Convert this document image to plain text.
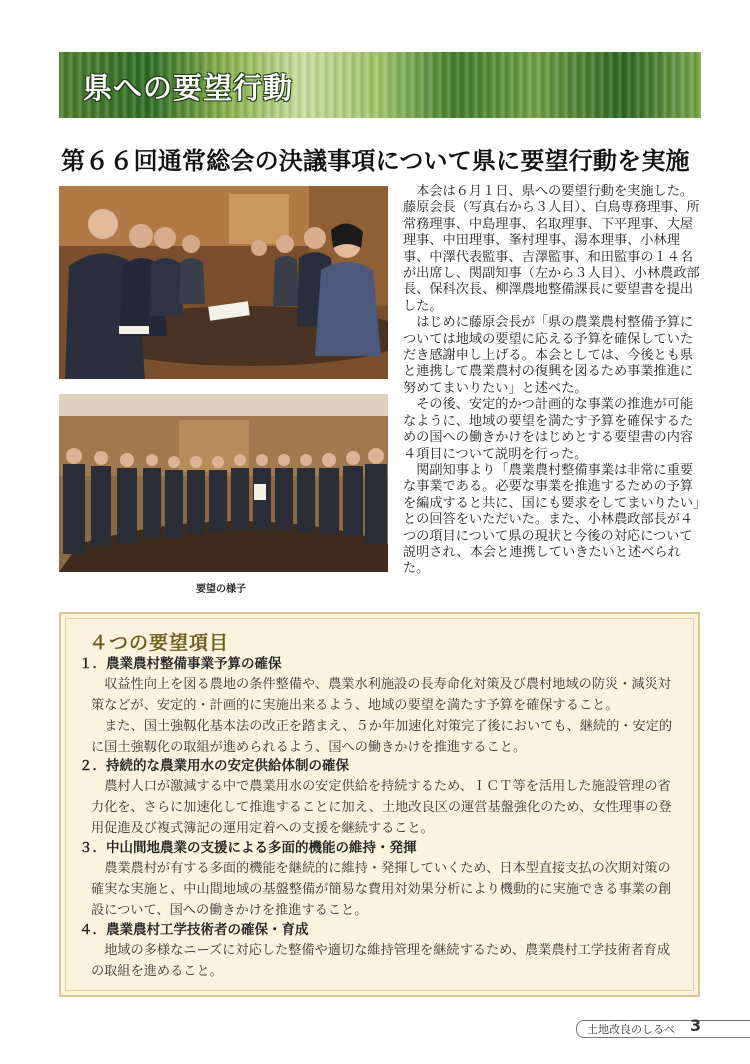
県への要望行動
第６６回通常総会の決議事項について県に要望行動を実施
要望の様子

本会は６月１日、県への要望行動を実施した。藤原会長（写真右から３人目）、白鳥専務理事、所常務理事、中島理事、名取理事、下平理事、大屋理事、中田理事、峯村理事、湯本理事、小林理事、中澤代表監事、吉澤監事、和田監事の１４名が出席し、関副知事（左から３人目）、小林農政部長、保科次長、柳澤農地整備課長に要望書を提出した。

はじめに藤原会長が「県の農業農村整備予算については地域の要望に応える予算を確保していただき感謝申し上げる。本会としては、今後とも県と連携して農業農村の復興を図るため事業推進に努めてまいりたい」と述べた。

その後、安定的かつ計画的な事業の推進が可能なように、地域の要望を満たす予算を確保するための国への働きかけをはじめとする要望書の内容４項目について説明を行った。

関副知事より「農業農村整備事業は非常に重要な事業である。必要な事業を推進するための予算を編成すると共に、国にも要求をしてまいりたい」との回答をいただいた。また、小林農政部長が４つの項目について県の現状と今後の対応について説明され、本会と連携していきたいと述べられた。

４つの要望項目
１．農業農村整備事業予算の確保
収益性向上を図る農地の条件整備や、農業水利施設の長寿命化対策及び農村地域の防災・減災対策などが、安定的・計画的に実施出来るよう、地域の要望を満たす予算を確保すること。
また、国土強靱化基本法の改正を踏まえ、５か年加速化対策完了後においても、継続的・安定的に国土強靱化の取組が進められるよう、国への働きかけを推進すること。
２．持続的な農業用水の安定供給体制の確保
農村人口が激減する中で農業用水の安定供給を持続するため、ＩＣＴ等を活用した施設管理の省力化を、さらに加速化して推進することに加え、土地改良区の運営基盤強化のため、女性理事の登用促進及び複式簿記の運用定着への支援を継続すること。
３．中山間地農業の支援による多面的機能の維持・発揮
農業農村が有する多面的機能を継続的に維持・発揮していくため、日本型直接支払の次期対策の確実な実施と、中山間地域の基盤整備が簡易な費用対効果分析により機動的に実施できる事業の創設について、国への働きかけを推進すること。
４．農業農村工学技術者の確保・育成
地域の多様なニーズに対応した整備や適切な維持管理を継続するため、農業農村工学技術者育成の取組を進めること。
土地改良のしるべ 3
